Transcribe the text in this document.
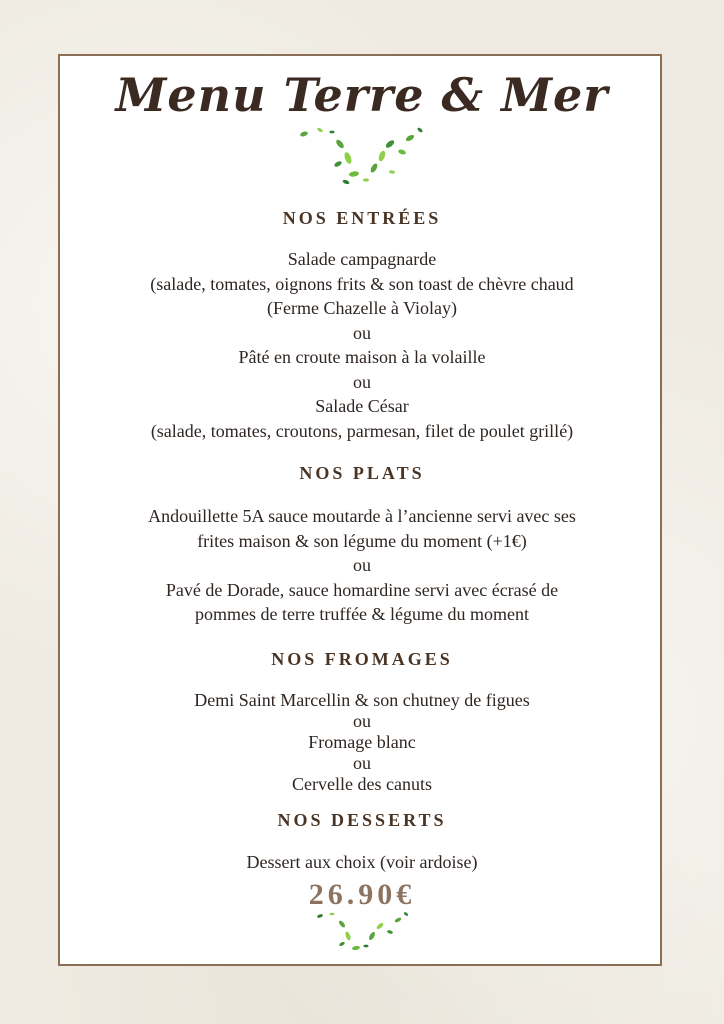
Menu Terre & Mer
NOS ENTRÉES
Salade campagnarde
(salade, tomates, oignons frits & son toast de chèvre chaud
(Ferme Chazelle à Violay)
ou
Pâté en croute maison à la volaille
ou
Salade César
(salade, tomates, croutons, parmesan, filet de poulet grillé)
NOS PLATS
Andouillette 5A sauce moutarde à l’ancienne servi avec ses
frites maison & son légume du moment (+1€)
ou
Pavé de Dorade, sauce homardine servi avec écrasé de
pommes de terre truffée & légume du moment
NOS FROMAGES
Demi Saint Marcellin & son chutney de figues
ou
Fromage blanc
ou
Cervelle des canuts
NOS DESSERTS
Dessert aux choix (voir ardoise)
26.90€
